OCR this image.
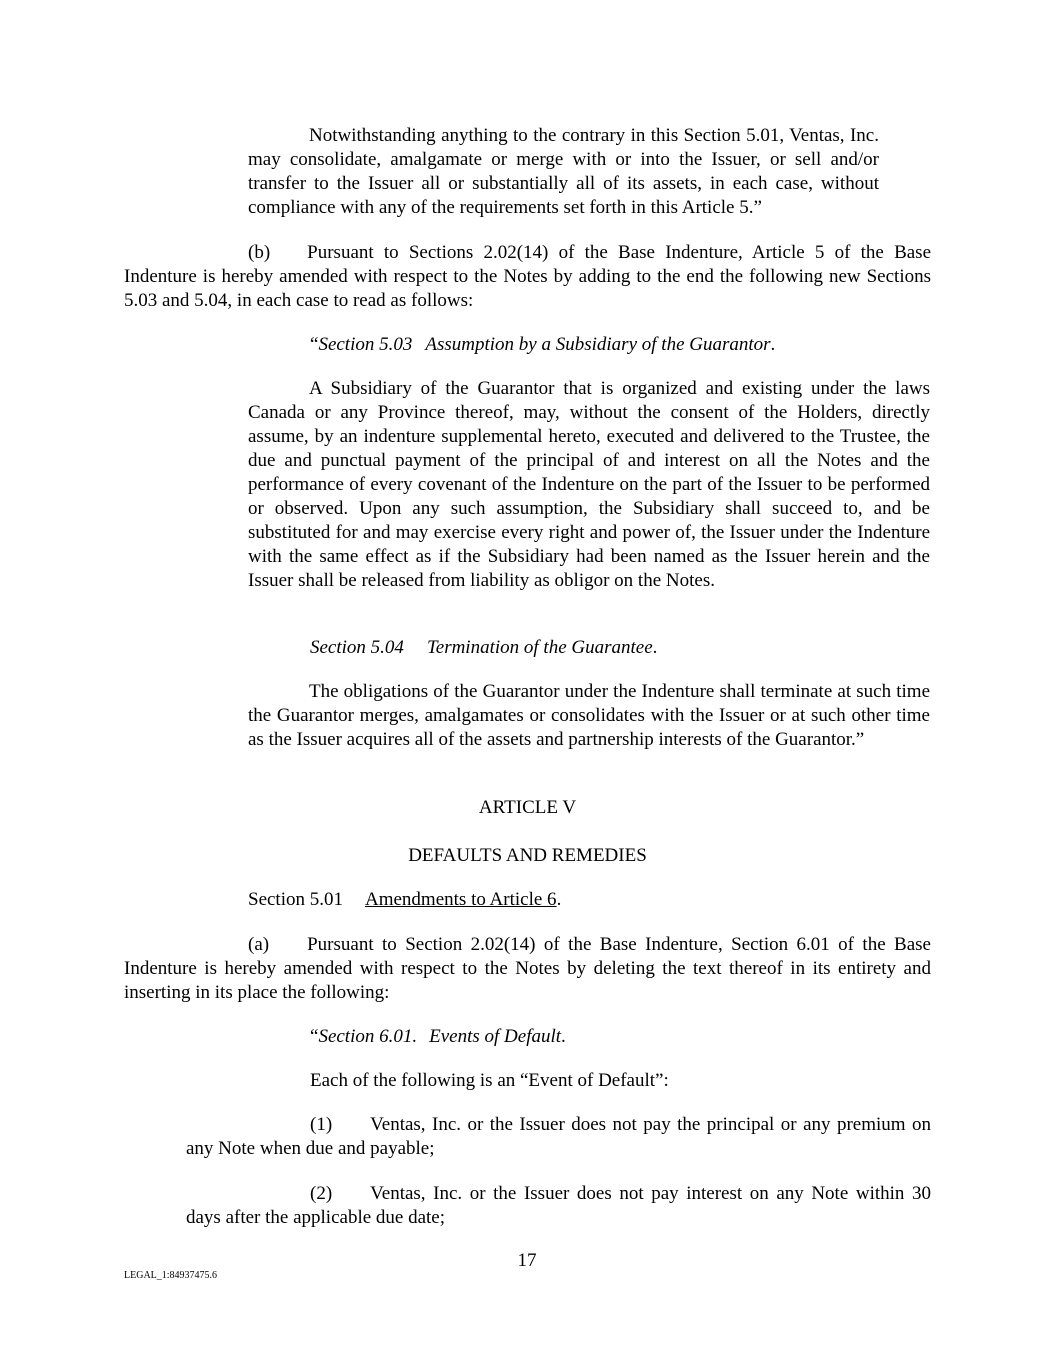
Notwithstanding anything to the contrary in this Section 5.01, Ventas, Inc. may consolidate, amalgamate or merge with or into the Issuer, or sell and/or transfer to the Issuer all or substantially all of its assets, in each case, without compliance with any of the requirements set forth in this Article 5.”

(b) Pursuant to Sections 2.02(14) of the Base Indenture, Article 5 of the Base Indenture is hereby amended with respect to the Notes by adding to the end the following new Sections 5.03 and 5.04, in each case to read as follows:

“Section 5.03 Assumption by a Subsidiary of the Guarantor.

A Subsidiary of the Guarantor that is organized and existing under the laws Canada or any Province thereof, may, without the consent of the Holders, directly assume, by an indenture supplemental hereto, executed and delivered to the Trustee, the due and punctual payment of the principal of and interest on all the Notes and the performance of every covenant of the Indenture on the part of the Issuer to be performed or observed. Upon any such assumption, the Subsidiary shall succeed to, and be substituted for and may exercise every right and power of, the Issuer under the Indenture with the same effect as if the Subsidiary had been named as the Issuer herein and the Issuer shall be released from liability as obligor on the Notes.

Section 5.04 Termination of the Guarantee.

The obligations of the Guarantor under the Indenture shall terminate at such time the Guarantor merges, amalgamates or consolidates with the Issuer or at such other time as the Issuer acquires all of the assets and partnership interests of the Guarantor.”

ARTICLE V

DEFAULTS AND REMEDIES

Section 5.01 Amendments to Article 6.

(a) Pursuant to Section 2.02(14) of the Base Indenture, Section 6.01 of the Base Indenture is hereby amended with respect to the Notes by deleting the text thereof in its entirety and inserting in its place the following:

“Section 6.01. Events of Default.

Each of the following is an “Event of Default”:

(1) Ventas, Inc. or the Issuer does not pay the principal or any premium on any Note when due and payable;

(2) Ventas, Inc. or the Issuer does not pay interest on any Note within 30 days after the applicable due date;

17

LEGAL_1:84937475.6
